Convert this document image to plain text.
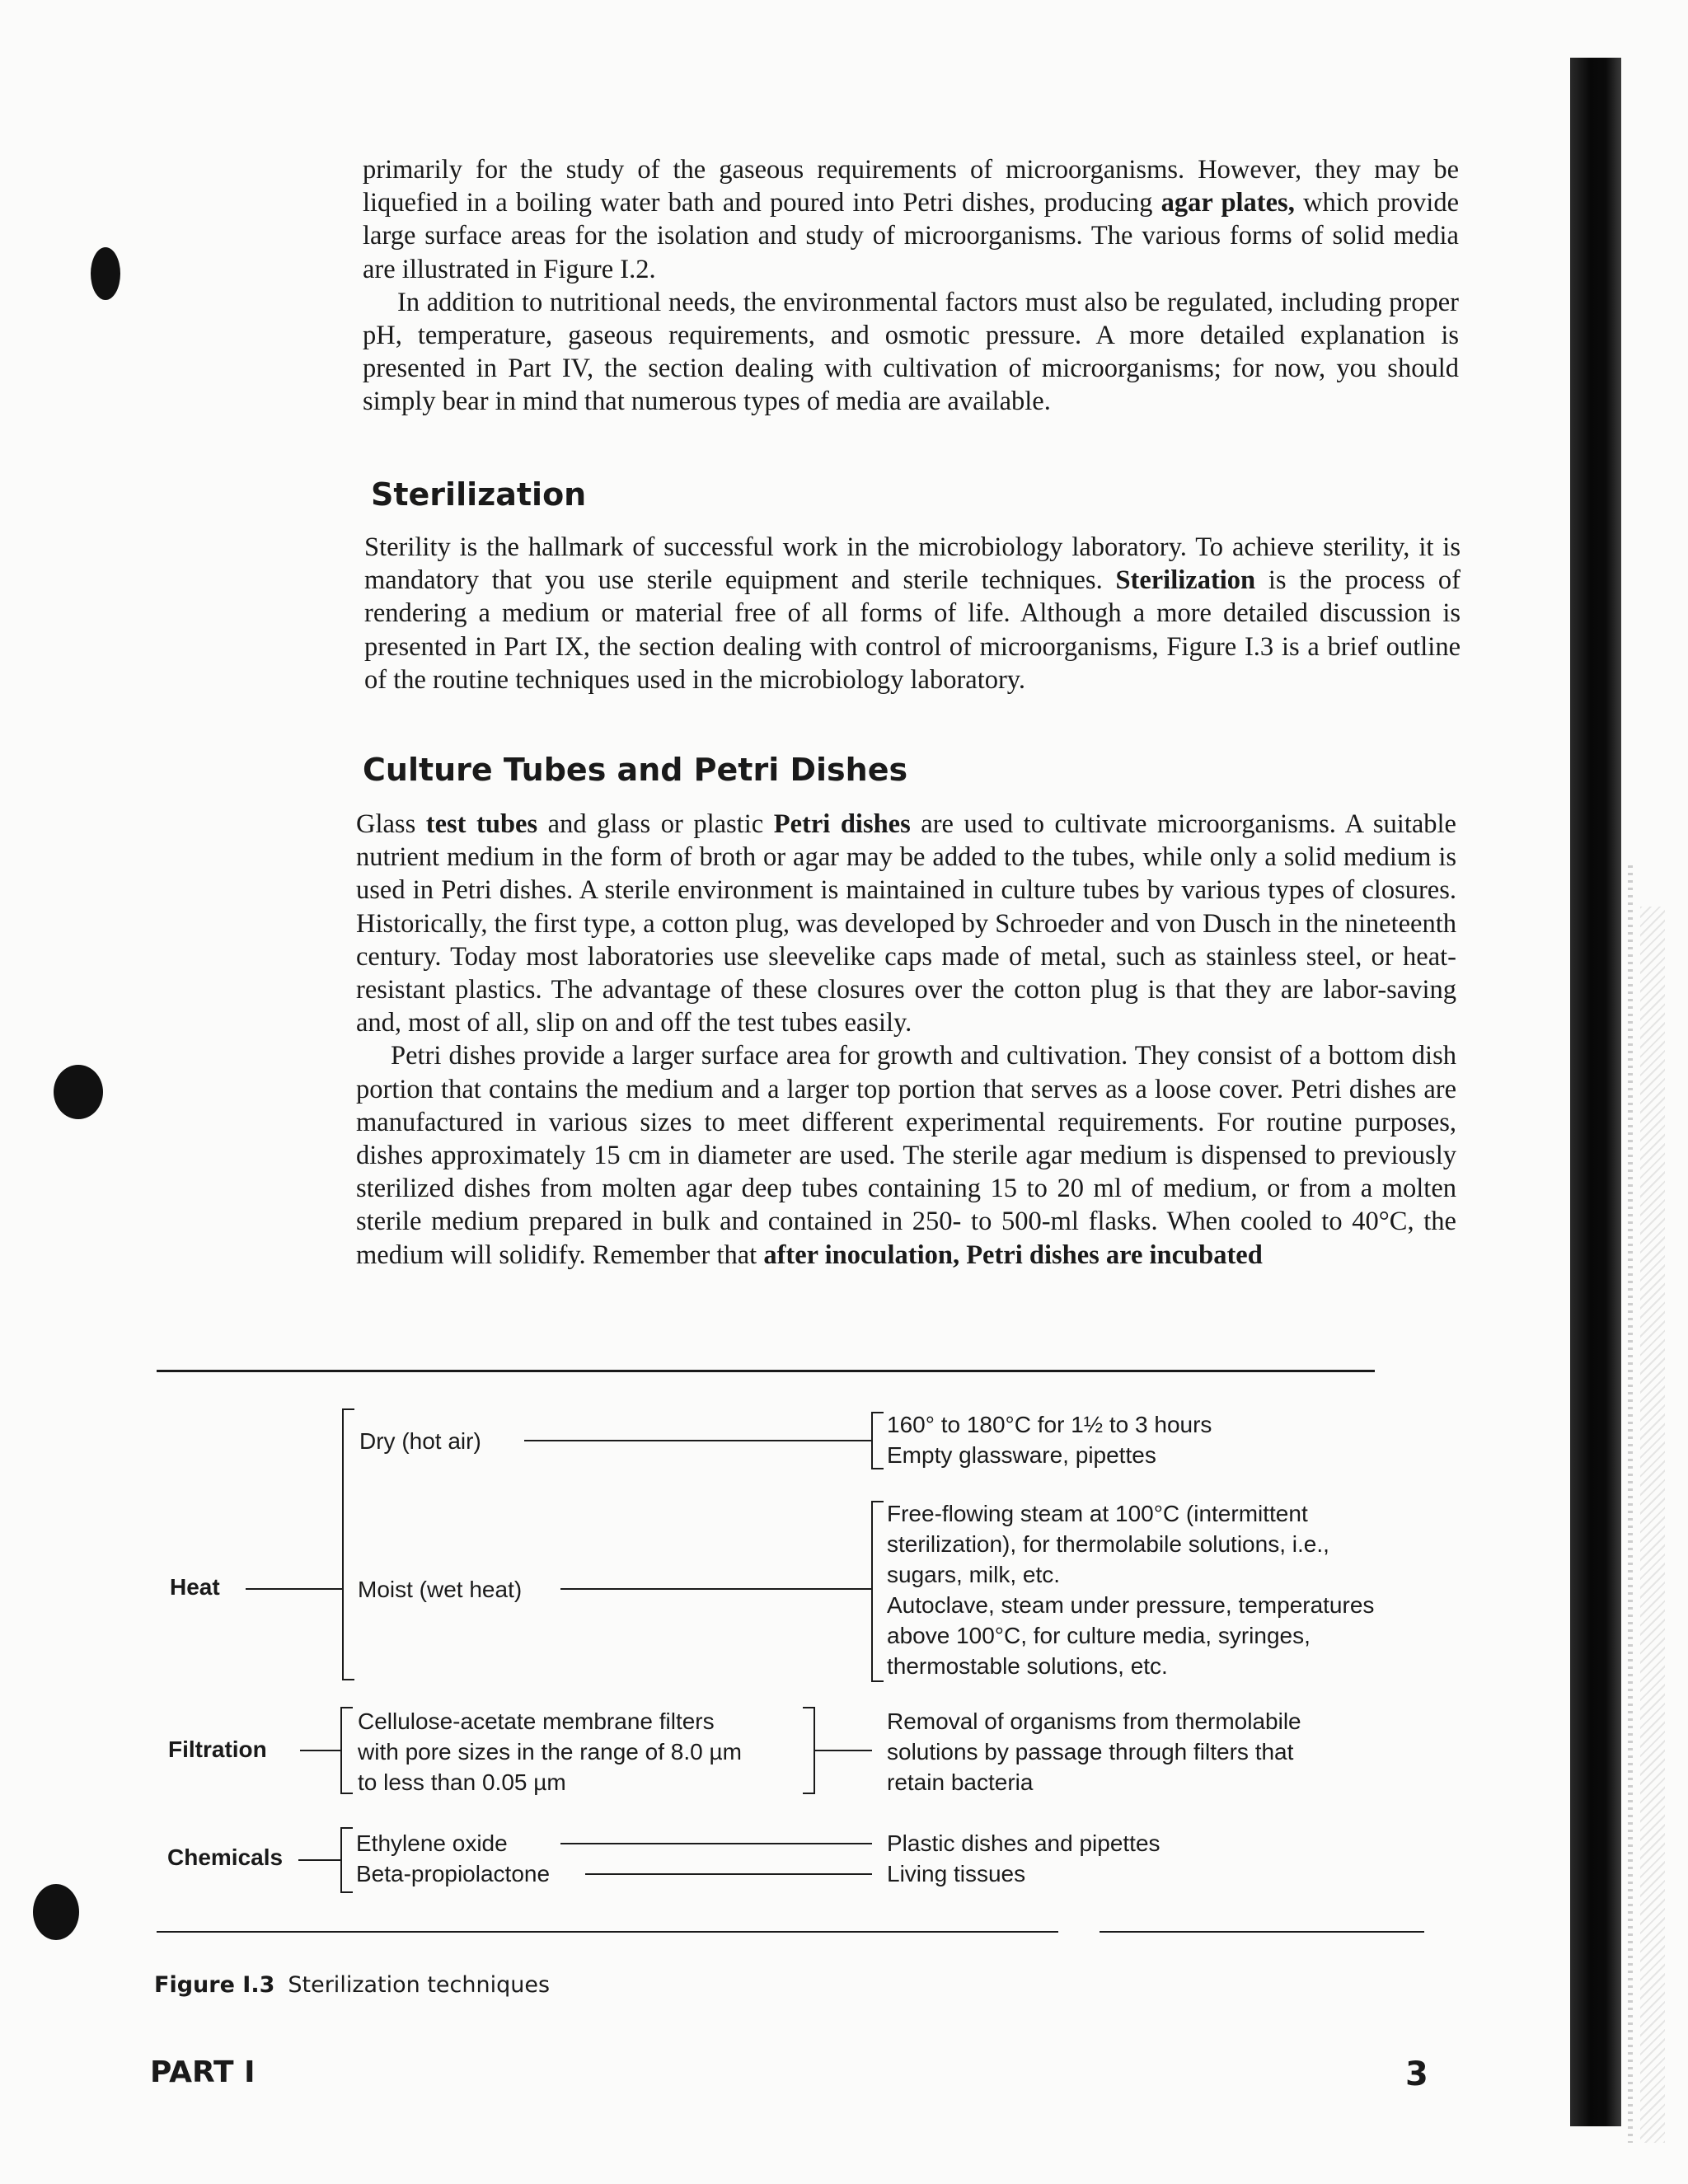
primarily for the study of the gaseous requirements of microorganisms. However, they may be liquefied in a boiling water bath and poured into Petri dishes, producing agar plates, which provide large surface areas for the isolation and study of microorganisms. The various forms of solid media are illustrated in Figure I.2.

In addition to nutritional needs, the environmental factors must also be regulated, including proper pH, temperature, gaseous requirements, and osmotic pressure. A more detailed explanation is presented in Part IV, the section dealing with cultivation of microorganisms; for now, you should simply bear in mind that numerous types of media are available.

Sterilization

Sterility is the hallmark of successful work in the microbiology laboratory. To achieve sterility, it is mandatory that you use sterile equipment and sterile techniques. Sterilization is the process of rendering a medium or material free of all forms of life. Although a more detailed discussion is presented in Part IX, the section dealing with control of microorganisms, Figure I.3 is a brief outline of the routine techniques used in the microbiology laboratory.

Culture Tubes and Petri Dishes

Glass test tubes and glass or plastic Petri dishes are used to cultivate microorganisms. A suitable nutrient medium in the form of broth or agar may be added to the tubes, while only a solid medium is used in Petri dishes. A sterile environment is maintained in culture tubes by various types of closures. Historically, the first type, a cotton plug, was developed by Schroeder and von Dusch in the nineteenth century. Today most laboratories use sleevelike caps made of metal, such as stainless steel, or heat-resistant plastics. The advantage of these closures over the cotton plug is that they are labor-saving and, most of all, slip on and off the test tubes easily.

Petri dishes provide a larger surface area for growth and cultivation. They consist of a bottom dish portion that contains the medium and a larger top portion that serves as a loose cover. Petri dishes are manufactured in various sizes to meet different experimental requirements. For routine purposes, dishes approximately 15 cm in diameter are used. The sterile agar medium is dispensed to previously sterilized dishes from molten agar deep tubes containing 15 to 20 ml of medium, or from a molten sterile medium prepared in bulk and contained in 250- to 500-ml flasks. When cooled to 40°C, the medium will solidify. Remember that after inoculation, Petri dishes are incubated

Heat
Filtration
Chemicals
Dry (hot air)
Moist (wet heat)
160° to 180°C for 1½ to 3 hours
Empty glassware, pipettes
Free-flowing steam at 100°C (intermittent
sterilization), for thermolabile solutions, i.e.,
sugars, milk, etc.
Autoclave, steam under pressure, temperatures
above 100°C, for culture media, syringes,
thermostable solutions, etc.
Cellulose-acetate membrane filters
with pore sizes in the range of 8.0 µm
to less than 0.05 µm
Removal of organisms from thermolabile
solutions by passage through filters that
retain bacteria
Ethylene oxide
Beta-propiolactone
Plastic dishes and pipettes
Living tissues
Figure I.3 Sterilization techniques
PART I	3
